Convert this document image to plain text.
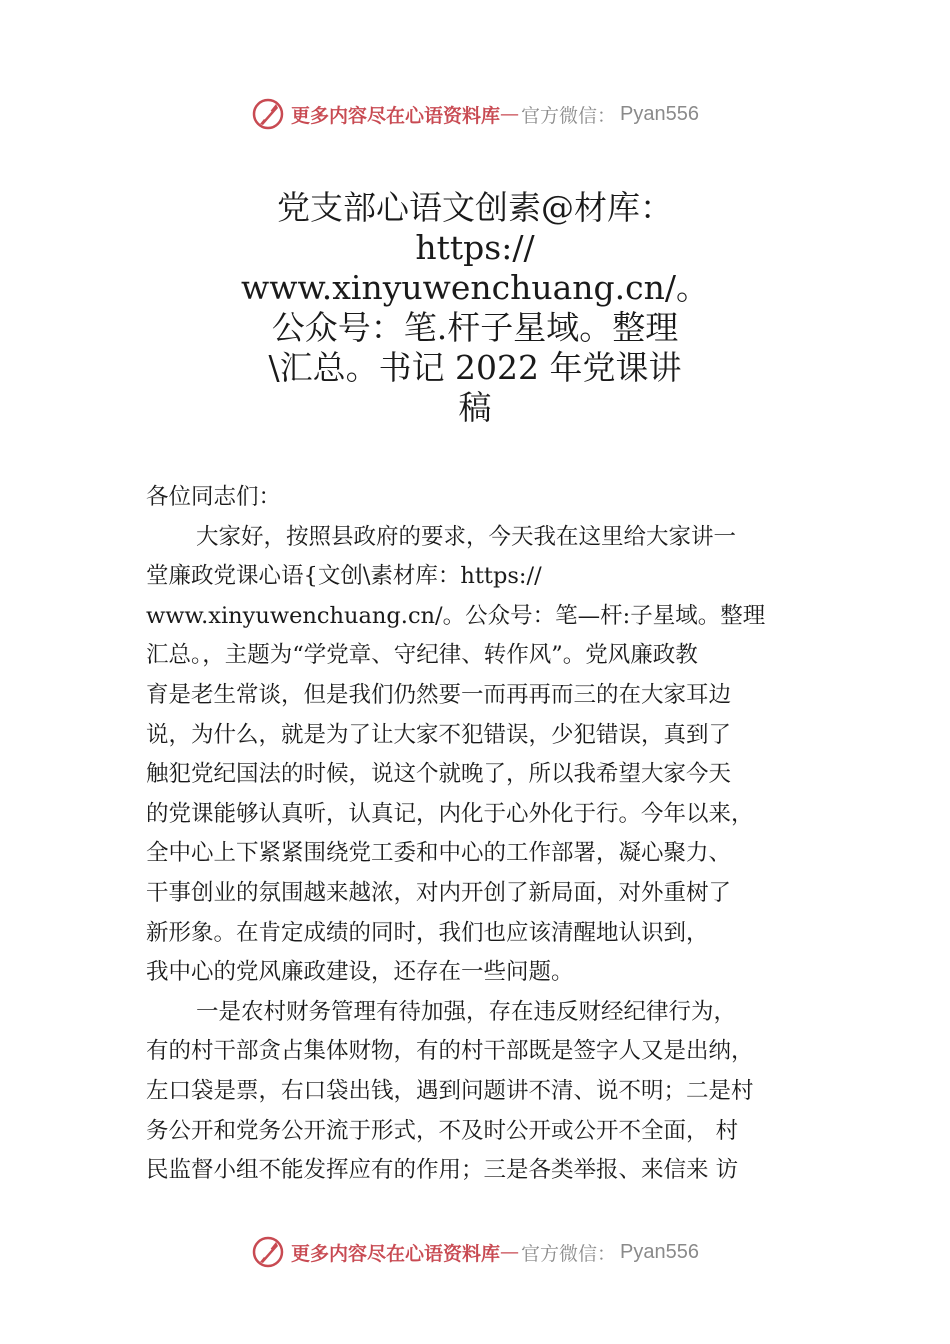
更多内容尽在心语资料库 — 官方微信： Pyan556
党支部心语文创素@材库：
https://
www.xinyuwenchuang.cn/。
公众号：笔.杆子星域。整理
\汇总。书记 2022 年党课讲
稿
各位同志们：
大家好，按照县政府的要求，今天我在这里给大家讲一
堂廉政党课心语{文创\素材库：https://
www.xinyuwenchuang.cn/。公众号：笔—杆:子星域。整理
汇总。，主题为“学党章、守纪律、转作风”。党风廉政教
育是老生常谈，但是我们仍然要一而再再而三的在大家耳边
说，为什么，就是为了让大家不犯错误，少犯错误，真到了
触犯党纪国法的时候，说这个就晚了，所以我希望大家今天
的党课能够认真听，认真记，内化于心外化于行。今年以来，
全中心上下紧紧围绕党工委和中心的工作部署，凝心聚力、
干事创业的氛围越来越浓，对内开创了新局面，对外重树了
新形象。在肯定成绩的同时，我们也应该清醒地认识到，
我中心的党风廉政建设，还存在一些问题。
一是农村财务管理有待加强，存在违反财经纪律行为，
有的村干部贪占集体财物，有的村干部既是签字人又是出纳，
左口袋是票，右口袋出钱，遇到问题讲不清、说不明；二是村
务公开和党务公开流于形式，不及时公开或公开不全面， 村
民监督小组不能发挥应有的作用；三是各类举报、来信来 访
更多内容尽在心语资料库 — 官方微信： Pyan556
